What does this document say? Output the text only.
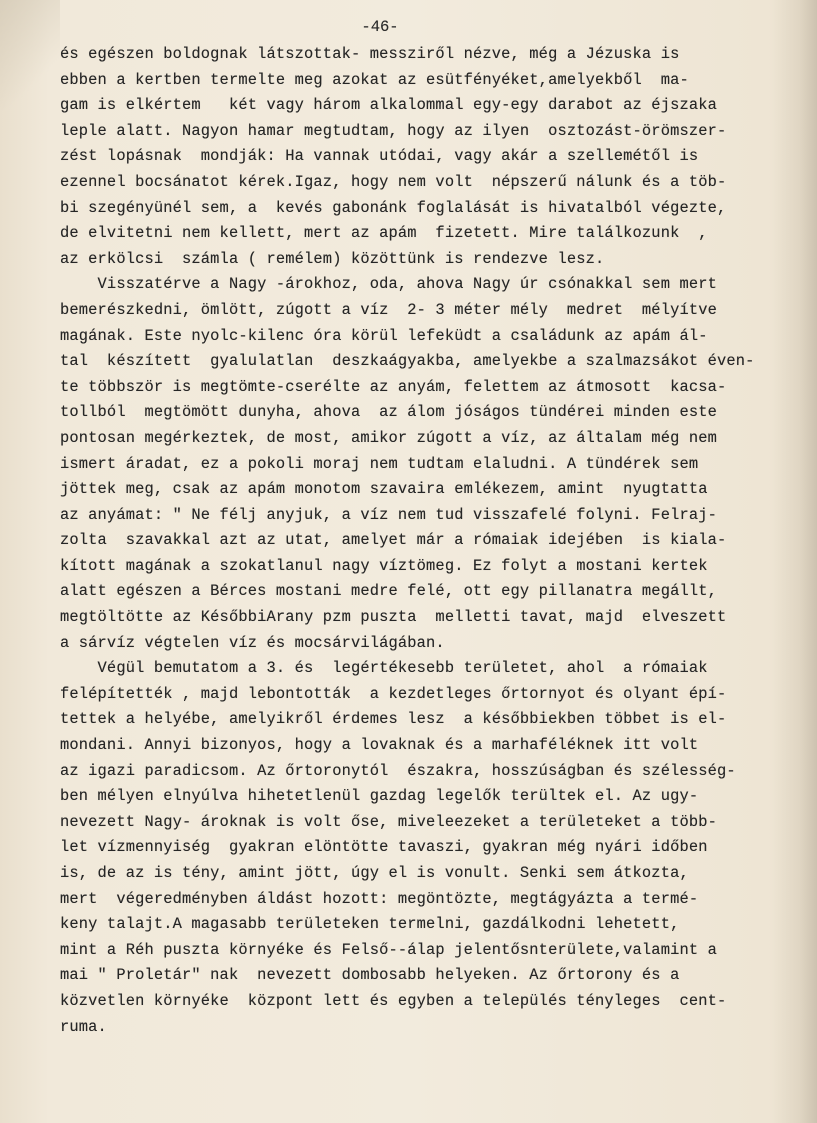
-46-
és egészen boldognak látszottak- messziről nézve, még a Jézuska is
ebben a kertben termelte meg azokat az esütfényéket,amelyekből  ma-
gam is elkértem   két vagy három alkalommal egy-egy darabot az éjszaka
leple alatt. Nagyon hamar megtudtam, hogy az ilyen  osztozást-örömszer-
zést lopásnak  mondják: Ha vannak utódai, vagy akár a szellemétől is
ezennel bocsánatot kérek.Igaz, hogy nem volt  népszerű nálunk és a töb-
bi szegényünél sem, a  kevés gabonánk foglalását is hivatalból végezte,
de elvitetni nem kellett, mert az apám  fizetett. Mire találkozunk  ,
az erkölcsi  számla ( remélem) közöttünk is rendezve lesz.
Visszatérve a Nagy -árokhoz, oda, ahova Nagy úr csónakkal sem mert
bemerészkedni, ömlött, zúgott a víz  2- 3 méter mély  medret  mélyítve
magának. Este nyolc-kilenc óra körül lefeküdt a családunk az apám ál-
tal  készített  gyalulatlan  deszkaágyakba, amelyekbe a szalmazsákot éven-
te többször is megtömte-cserélte az anyám, felettem az átmosott  kacsa-
tollból  megtömött dunyha, ahova  az álom jóságos tündérei minden este
pontosan megérkeztek, de most, amikor zúgott a víz, az általam még nem
ismert áradat, ez a pokoli moraj nem tudtam elaludni. A tündérek sem
jöttek meg, csak az apám monotom szavaira emlékezem, amint  nyugtatta
az anyámat: " Ne félj anyjuk, a víz nem tud visszafelé folyni. Felraj-
zolta  szavakkal azt az utat, amelyet már a rómaiak idejében  is kiala-
kított magának a szokatlanul nagy víztömeg. Ez folyt a mostani kertek
alatt egészen a Bérces mostani medre felé, ott egy pillanatra megállt,
megtöltötte az KésőbbiArany pzm puszta  melletti tavat, majd  elveszett
a sárvíz végtelen víz és mocsárvilágában.
Végül bemutatom a 3. és  legértékesebb területet, ahol  a rómaiak
felépítették , majd lebontották  a kezdetleges őrtornyot és olyant épí-
tettek a helyébe, amelyikről érdemes lesz  a későbbiekben többet is el-
mondani. Annyi bizonyos, hogy a lovaknak és a marhaféléknek itt volt
az igazi paradicsom. Az őrtoronytól  északra, hosszúságban és szélesség-
ben mélyen elnyúlva hihetetlenül gazdag legelők terültek el. Az ugy-
nevezett Nagy- ároknak is volt őse, miveleezeket a területeket a több-
let vízmennyiség  gyakran elöntötte tavaszi, gyakran még nyári időben
is, de az is tény, amint jött, úgy el is vonult. Senki sem átkozta,
mert  végeredményben áldást hozott: megöntözte, megtágyázta a termé-
keny talajt.A magasabb területeken termelni, gazdálkodni lehetett,
mint a Réh puszta környéke és Felső--álap jelentősnterülete,valamint a
mai " Proletár" nak  nevezett dombosabb helyeken. Az őrtorony és a
közvetlen környéke  központ lett és egyben a település tényleges  cent-
ruma.
